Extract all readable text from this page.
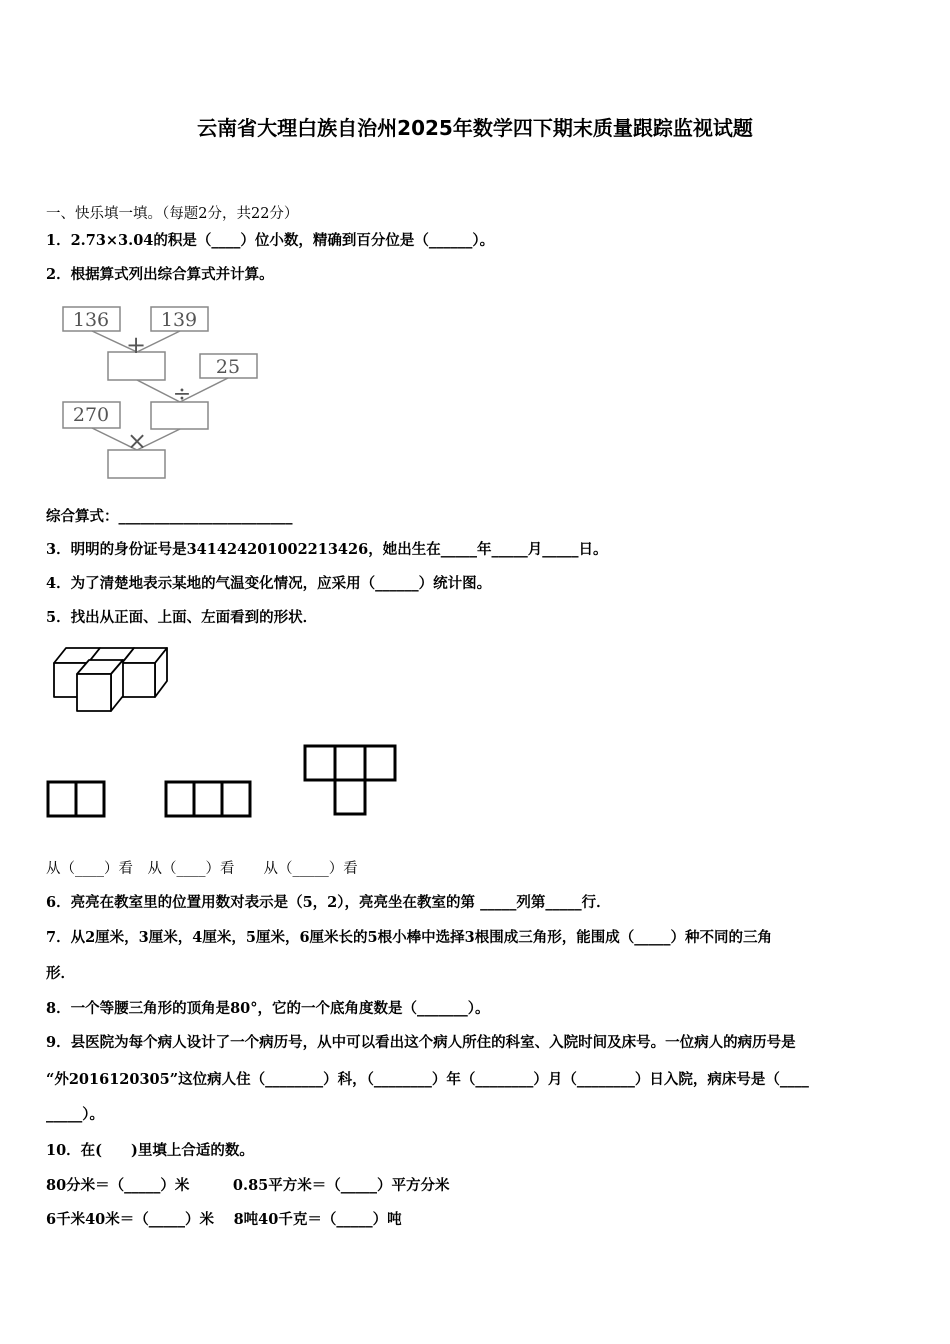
云南省大理白族自治州2025年数学四下期末质量跟踪监视试题
一、快乐填一填。（每题2分，共22分）
1．2.73×3.04的积是（____）位小数，精确到百分位是（______）。
2．根据算式列出综合算式并计算。
136	139
+
25
÷
270
×
综合算式：________________________
3．明明的身份证号是341424201002213426，她出生在_____年_____月_____日。
4．为了清楚地表示某地的气温变化情况，应采用（______）统计图。
5．找出从正面、上面、左面看到的形状．
从（____）看　从（____）看　　从（_____）看
6．亮亮在教室里的位置用数对表示是（5，2），亮亮坐在教室的第 _____列第_____行．
7．从2厘米，3厘米，4厘米，5厘米，6厘米长的5根小棒中选择3根围成三角形，能围成（_____）种不同的三角
形．
8．一个等腰三角形的顶角是80°，它的一个底角度数是（_______）。
9．县医院为每个病人设计了一个病历号，从中可以看出这个病人所住的科室、入院时间及床号。一位病人的病历号是
“外2016120305”这位病人住（________）科，（________）年（________）月（________）日入院，病床号是（____
_____）。
10．在(　　)里填上合适的数。
80分米＝（_____）米　　　0.85平方米＝（_____）平方分米
6千米40米＝（_____）米　 8吨40千克＝（_____）吨
